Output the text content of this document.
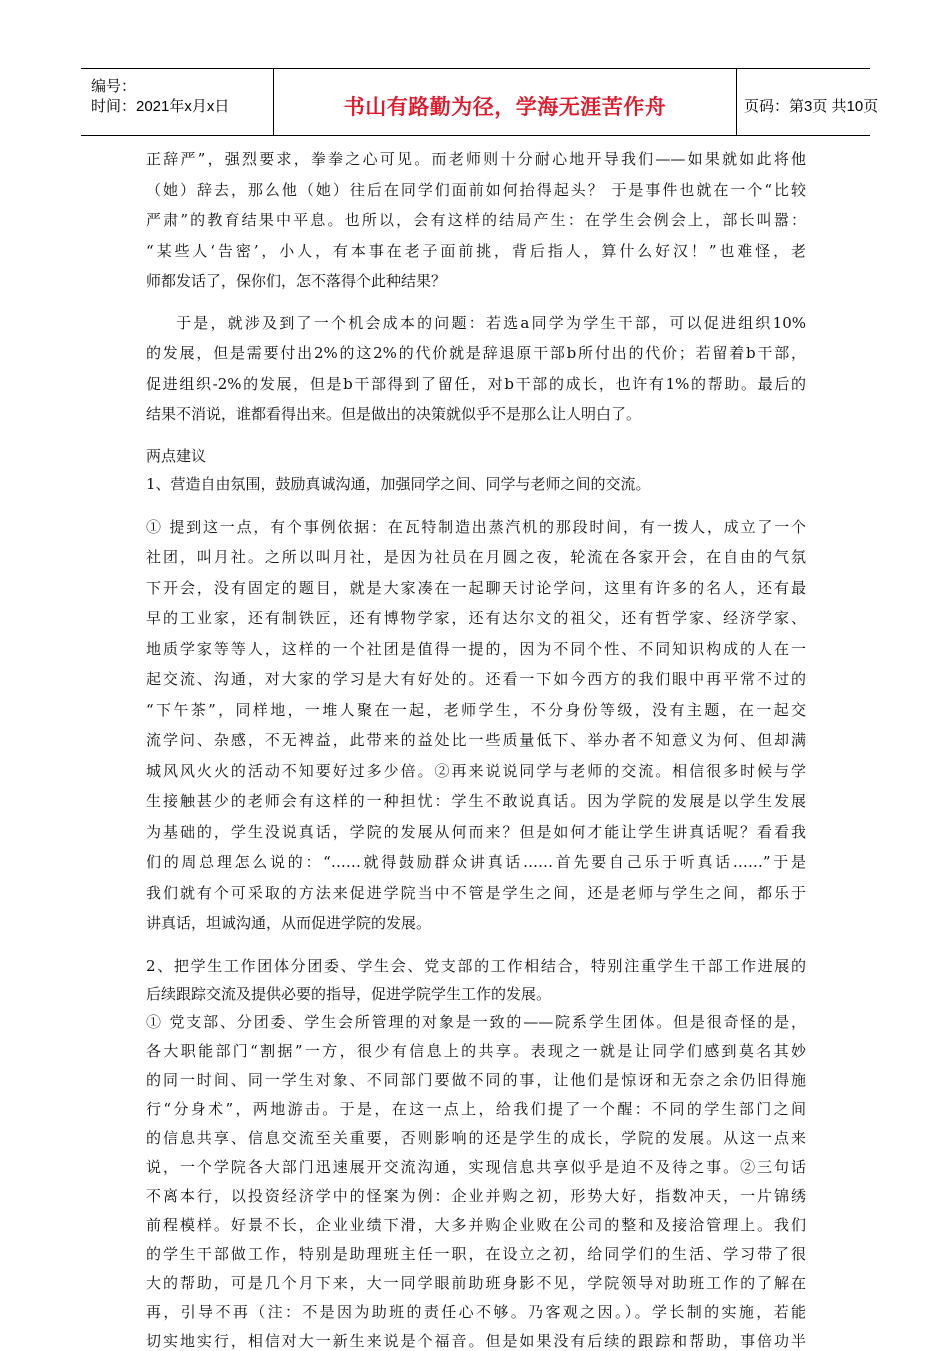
编号：
时间：2021年x月x日	书山有路勤为径，学海无涯苦作舟	页码：第3页 共10页
正辞严”，强烈要求，拳拳之心可见。而老师则十分耐心地开导我们——如果就如此将他
（她）辞去，那么他（她）往后在同学们面前如何抬得起头？ 于是事件也就在一个“比较
严肃”的教育结果中平息。也所以，会有这样的结局产生：在学生会例会上，部长叫嚣：
“某些人‘告密’，小人，有本事在老子面前挑，背后指人，算什么好汉！”也难怪，老
师都发话了，保你们，怎不落得个此种结果？
于是，就涉及到了一个机会成本的问题：若选a同学为学生干部，可以促进组织10%
的发展，但是需要付出2%的这2%的代价就是辞退原干部b所付出的代价；若留着b干部，
促进组织-2%的发展，但是b干部得到了留任，对b干部的成长，也许有1%的帮助。最后的
结果不消说，谁都看得出来。但是做出的决策就似乎不是那么让人明白了。
两点建议
1、营造自由氛围，鼓励真诚沟通，加强同学之间、同学与老师之间的交流。
① 提到这一点，有个事例依据：在瓦特制造出蒸汽机的那段时间，有一拨人，成立了一个
社团，叫月社。之所以叫月社，是因为社员在月圆之夜，轮流在各家开会，在自由的气氛
下开会，没有固定的题目，就是大家凑在一起聊天讨论学问，这里有许多的名人，还有最
早的工业家，还有制铁匠，还有博物学家，还有达尔文的祖父，还有哲学家、经济学家、
地质学家等等人，这样的一个社团是值得一提的，因为不同个性、不同知识构成的人在一
起交流、沟通，对大家的学习是大有好处的。还看一下如今西方的我们眼中再平常不过的
“下午茶”，同样地，一堆人聚在一起，老师学生，不分身份等级，没有主题，在一起交
流学问、杂感，不无裨益，此带来的益处比一些质量低下、举办者不知意义为何、但却满
城风风火火的活动不知要好过多少倍。②再来说说同学与老师的交流。相信很多时候与学
生接触甚少的老师会有这样的一种担忧：学生不敢说真话。因为学院的发展是以学生发展
为基础的，学生没说真话，学院的发展从何而来？但是如何才能让学生讲真话呢？看看我
们的周总理怎么说的：“……就得鼓励群众讲真话……首先要自己乐于听真话……”于是
我们就有个可采取的方法来促进学院当中不管是学生之间，还是老师与学生之间，都乐于
讲真话，坦诚沟通，从而促进学院的发展。
2、把学生工作团体分团委、学生会、党支部的工作相结合，特别注重学生干部工作进展的
后续跟踪交流及提供必要的指导，促进学院学生工作的发展。
① 党支部、分团委、学生会所管理的对象是一致的——院系学生团体。但是很奇怪的是，
各大职能部门“割据”一方，很少有信息上的共享。表现之一就是让同学们感到莫名其妙
的同一时间、同一学生对象、不同部门要做不同的事，让他们是惊讶和无奈之余仍旧得施
行“分身术”，两地游击。于是，在这一点上，给我们提了一个醒：不同的学生部门之间
的信息共享、信息交流至关重要，否则影响的还是学生的成长，学院的发展。从这一点来
说，一个学院各大部门迅速展开交流沟通，实现信息共享似乎是迫不及待之事。②三句话
不离本行，以投资经济学中的怪案为例：企业并购之初，形势大好，指数冲天，一片锦绣
前程模样。好景不长，企业业绩下滑，大多并购企业败在公司的整和及接洽管理上。我们
的学生干部做工作，特别是助理班主任一职，在设立之初，给同学们的生活、学习带了很
大的帮助，可是几个月下来，大一同学眼前助班身影不见，学院领导对助班工作的了解在
再，引导不再（注：不是因为助班的责任心不够。乃客观之因。）。学长制的实施，若能
切实地实行，相信对大一新生来说是个福音。但是如果没有后续的跟踪和帮助，事倍功半
